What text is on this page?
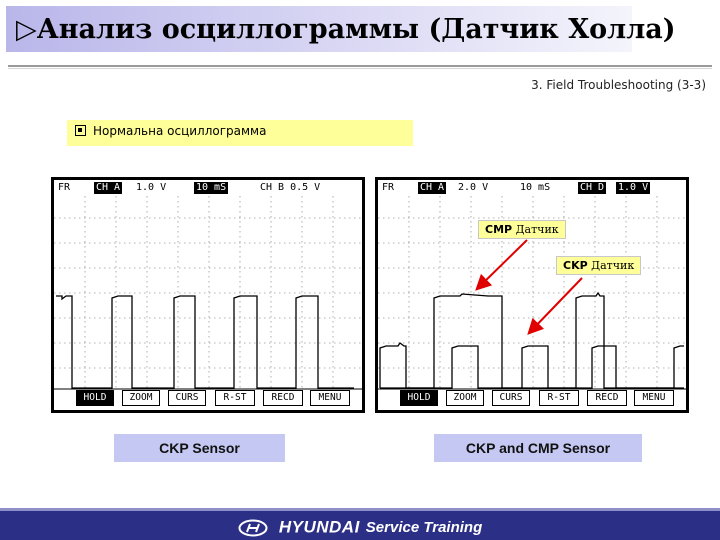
▷Анализ осциллограммы (Датчик Холла)
3. Field Troubleshooting (3-3)
Нормальна осциллограмма
FR	CH A 1.0 V	10 mS	CH B 0.5 V
HOLD	ZOOM	CURS	R-ST	RECD	MENU
FR	CH A 2.0 V	10 mS	CH D 1.0 V
HOLD	ZOOM	CURS	R-ST	RECD	MENU
CMP Датчик
CKP Датчик
CKP Sensor	CKP and CMP Sensor
HYUNDAI Service Training
